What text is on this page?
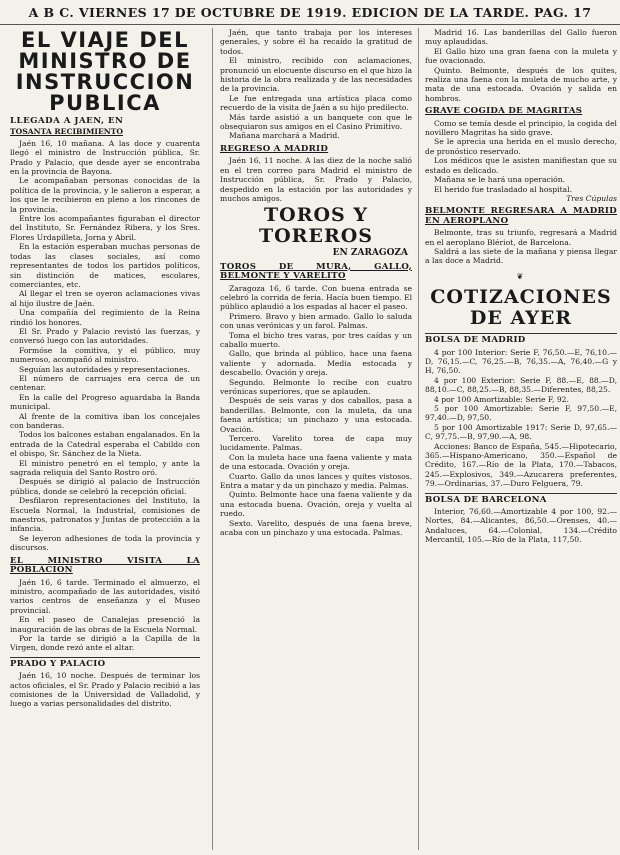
A B C. VIERNES 17 DE OCTUBRE DE 1919. EDICION DE LA TARDE. PAG. 17
EL VIAJE DEL MINISTRO DE INSTRUCCION PUBLICA
LLEGADA A JAEN, EN
TOSANTA RECIBIMIENTO

Jaén 16, 10 mañana. A las doce y cuarenta llegó el ministro de Instrucción pública, Sr. Prado y Palacio, que desde ayer se encontraba en la provincia de Bayona.

Le acompañaban personas conocidas de la política de la provincia, y le salieron a esperar, a los que le recibieron en pleno a los rincones de la provincia.

Entre los acompañantes figuraban el director del Instituto, Sr. Fernández Ribera, y los Sres. Flores Urdapilleta, Jorna y Abril.

En la estación esperaban muchas personas de todas las clases sociales, así como representantes de todos los partidos políticos, sin distinción de matices, escolares, comerciantes, etc.

Al llegar el tren se oyeron aclamaciones vivas al hijo ilustre de Jaén.

Una compañía del regimiento de la Reina rindió los honores.

El Sr. Prado y Palacio revistó las fuerzas, y conversó luego con las autoridades.

Formóse la comitiva, y el público, muy numeroso, acompañó al ministro.

Seguían las autoridades y representaciones.

El número de carruajes era cerca de un centenar.

En la calle del Progreso aguardaba la Banda municipal.

Al frente de la comitiva iban los concejales con banderas.

Todos los balcones estaban engalanados. En la entrada de la Catedral esperaba el Cabildo con el obispo, Sr. Sánchez de la Nieta.

El ministro penetró en el templo, y ante la sagrada reliquia del Santo Rostro oró.

Después se dirigió al palacio de Instrucción pública, donde se celebró la recepción oficial.

Desfilaron representaciones del Instituto, la Escuela Normal, la Industrial, comisiones de maestros, patronatos y Juntas de protección a la infancia.

Se leyeron adhesiones de toda la provincia y discursos.

EL MINISTRO VISITA LA POBLACION

Jaén 16, 6 tarde. Terminado el almuerzo, el ministro, acompañado de las autoridades, visitó varios centros de enseñanza y el Museo provincial.

En el paseo de Canalejas presenció la inauguración de las obras de la Escuela Normal.

Por la tarde se dirigió a la Capilla de la Virgen, donde rezó ante el altar.

PRADO Y PALACIO

Jaén 16, 10 noche. Después de terminar los actos oficiales, el Sr. Prado y Palacio recibió a las comisiones de la Universidad de Valladolid, y luego a varias personalidades del distrito.

Jaén, que tanto trabaja por los intereses generales, y sobre él ha recaído la gratitud de todos.

El ministro, recibido con aclamaciones, pronunció un elocuente discurso en el que hizo la historia de la obra realizada y de las necesidades de la provincia.

Le fue entregada una artística placa como recuerdo de la visita de Jaén a su hijo predilecto.

Más tarde asistió a un banquete con que le obsequiaron sus amigos en el Casino Primitivo.

Mañana marchará a Madrid.

REGRESO A MADRID

Jaén 16, 11 noche. A las diez de la noche salió en el tren correo para Madrid el ministro de Instrucción pública, Sr. Prado y Palacio, despedido en la estación por las autoridades y muchos amigos.

TOROS Y TOREROS
EN ZARAGOZA
TOROS DE MURA, GALLO, BELMONTE Y VARELITO

Zaragoza 16, 6 tarde. Con buena entrada se celebró la corrida de feria. Hacía buen tiempo. El público aplaudió a los espadas al hacer el paseo.

Primero. Bravo y bien armado. Gallo lo saluda con unas verónicas y un farol. Palmas.

Toma el bicho tres varas, por tres caídas y un caballo muerto.

Gallo, que brinda al público, hace una faena valiente y adornada. Media estocada y descabello. Ovación y oreja.

Segundo. Belmonte lo recibe con cuatro verónicas superiores, que se aplauden.

Después de seis varas y dos caballos, pasa a banderillas. Belmonte, con la muleta, da una faena artística; un pinchazo y una estocada. Ovación.

Tercero. Varelito torea de capa muy lucidamente. Palmas.

Con la muleta hace una faena valiente y mata de una estocada. Ovación y oreja.

Cuarto. Gallo da unos lances y quites vistosos. Entra a matar y da un pinchazo y media. Palmas.

Quinto. Belmonte hace una faena valiente y da una estocada buena. Ovación, oreja y vuelta al ruedo.

Sexto. Varelito, después de una faena breve, acaba con un pinchazo y una estocada. Palmas.

Madrid 16. Las banderillas del Gallo fueron muy aplaudidas.

El Gallo hizo una gran faena con la muleta y fue ovacionado.

Quinto. Belmonte, después de los quites, realiza una faena con la muleta de mucho arte, y mata de una estocada. Ovación y salida en hombros.

GRAVE COGIDA DE MAGRITAS

Como se temía desde el principio, la cogida del novillero Magritas ha sido grave.

Se le aprecia una herida en el muslo derecho, de pronóstico reservado.

Los médicos que le asisten manifiestan que su estado es delicado.

Mañana se le hará una operación.

El herido fue trasladado al hospital.

Tres Cúpulas

BELMONTE REGRESARA A MADRID EN AEROPLANO

Belmonte, tras su triunfo, regresará a Madrid en el aeroplano Blériot, de Barcelona.

Saldrá a las siete de la mañana y piensa llegar a las doce a Madrid.

❦
COTIZACIONES DE AYER
BOLSA DE MADRID

4 por 100 Interior: Serie F, 76,50.—E, 76,10.—D, 76,15.—C, 76,25.—B, 76,35.—A, 76,40.—G y H, 76,50.

4 por 100 Exterior: Serie F, 88.—E, 88.—D, 88,10.—C, 88,25.—B, 88,35.—Diferentes, 88,25.

4 por 100 Amortizable: Serie F, 92.

5 por 100 Amortizable: Serie F, 97,50.—E, 97,40.—D, 97,50.

5 por 100 Amortizable 1917: Serie D, 97,65.—C, 97,75.—B, 97,90.—A, 98.

Acciones: Banco de España, 545.—Hipotecario, 365.—Hispano-Americano, 350.—Español de Crédito, 167.—Río de la Plata, 170.—Tabacos, 245.—Explosivos, 349.—Azucarera preferentes, 79.—Ordinarias, 37.—Duro Felguera, 79.

BOLSA DE BARCELONA

Interior, 76,60.—Amortizable 4 por 100, 92.—Nortes, 84.—Alicantes, 86,50.—Orenses, 40.—Andaluces, 64.—Colonial, 134.—Crédito Mercantil, 105.—Río de la Plata, 117,50.
